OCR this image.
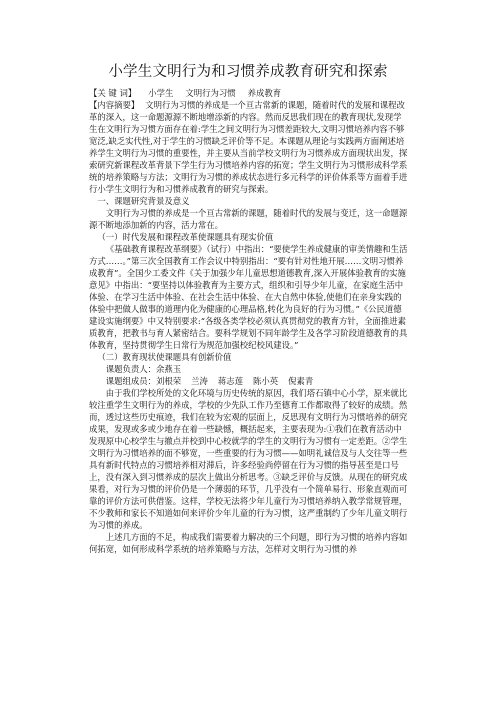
小学生文明行为和习惯养成教育研究和探索

【关 键 词】 小学生 文明行为习惯 养成教育

【内容摘要】 文明行为习惯的养成是一个亘古常新的课题，随着时代的发展和课程改革的深入，这一命题源源不断地增添新的内容。然而反思我们现在的教育现状,发现学生在文明行为习惯方面存在着:学生之间文明行为习惯差距较大,文明习惯培养内容不够宽泛,缺乏实代性,对于学生的习惯缺乏评价等不足。本课题从理论与实践两方面阐述培养学生文明行为习惯的重要性，并主要从当前学校文明行为习惯养成方面现状出发，探索研究新课程改革背景下学生行为习惯培养内容的拓宽；学生文明行为习惯形成科学系统的培养策略与方法；文明行为习惯的养成状态进行多元科学的评价体系等方面着手进行小学生文明行为和习惯养成教育的研究与探索。

一、课题研究背景及意义

文明行为习惯的养成是一个亘古常新的课题，随着时代的发展与变迁，这一命题源源不断地添加新的内容，活力常在。

（一）时代发展和课程改革使课题具有现实价值

《基础教育课程改革纲要》（试行）中指出：“要使学生养成健康的审美情趣和生活方式……。”第三次全国教育工作会议中特别指出：“要有针对性地开展……文明习惯养成教育”。全国少工委文件《关于加强少年儿童思想道德教育,深入开展体验教育的实施意见》中指出：“要坚持以体验教育为主要方式，组织和引导少年儿童，在家庭生活中体验、在学习生活中体验、在社会生活中体验、在大自然中体验,使他们在亲身实践的体验中把做人做事的道理内化为健康的心理品格,转化为良好的行为习惯。”《公民道德建设实施纲要》中又特别要求:“各级各类学校必须认真贯彻党的教育方针，全面推进素质教育，把教书与育人紧密结合。要科学规划不同年龄学生及各学习阶段道德教育的具体教育，坚持贯彻学生日常行为规范加强校纪校风建设。”

（二）教育现状使课题具有创新价值

课题负责人：余燕玉

课题组成员：刘根荣 兰涛 蒋志莲 陈小英 倪素青

由于我们学校所处的文化环境与历史传统的原因，我们塔石镇中心小学，原来就比较注重学生文明行为的养成，学校的少先队工作乃至德育工作都取得了较好的成绩。然而，透过这些历史痕迹，我们在较为宏观的层面上，反思现有文明行为习惯培养的研究成果，发现或多或少地存在着一些缺憾，概括起来，主要表现为:①我们在教育活动中发现原中心校学生与撤点并校到中心校就学的学生的文明行为习惯有一定差距。②学生文明行为习惯培养的面不够宽，一些重要的行为习惯——如明礼诚信及与人交往等一些具有新时代特点的习惯培养相对滞后，许多经验尚停留在行为习惯的指导甚至是口号上，没有深入到习惯养成的层次上做出分析思考。③缺乏评价与反馈。从现在的研究成果看，对行为习惯的评价仍是一个薄弱的环节，几乎没有一个简单易行、形象直观而可靠的评价方法可供借鉴。这样，学校无法将少年儿童行为习惯培养纳入教学常规管理，不少教师和家长不知道如何来评价少年儿童的行为习惯，这严重制约了少年儿童文明行为习惯的养成。

上述几方面的不足，构成我们需要着力解决的三个问题，即行为习惯的培养内容如何拓宽，如何形成科学系统的培养策略与方法，怎样对文明行为习惯的养
